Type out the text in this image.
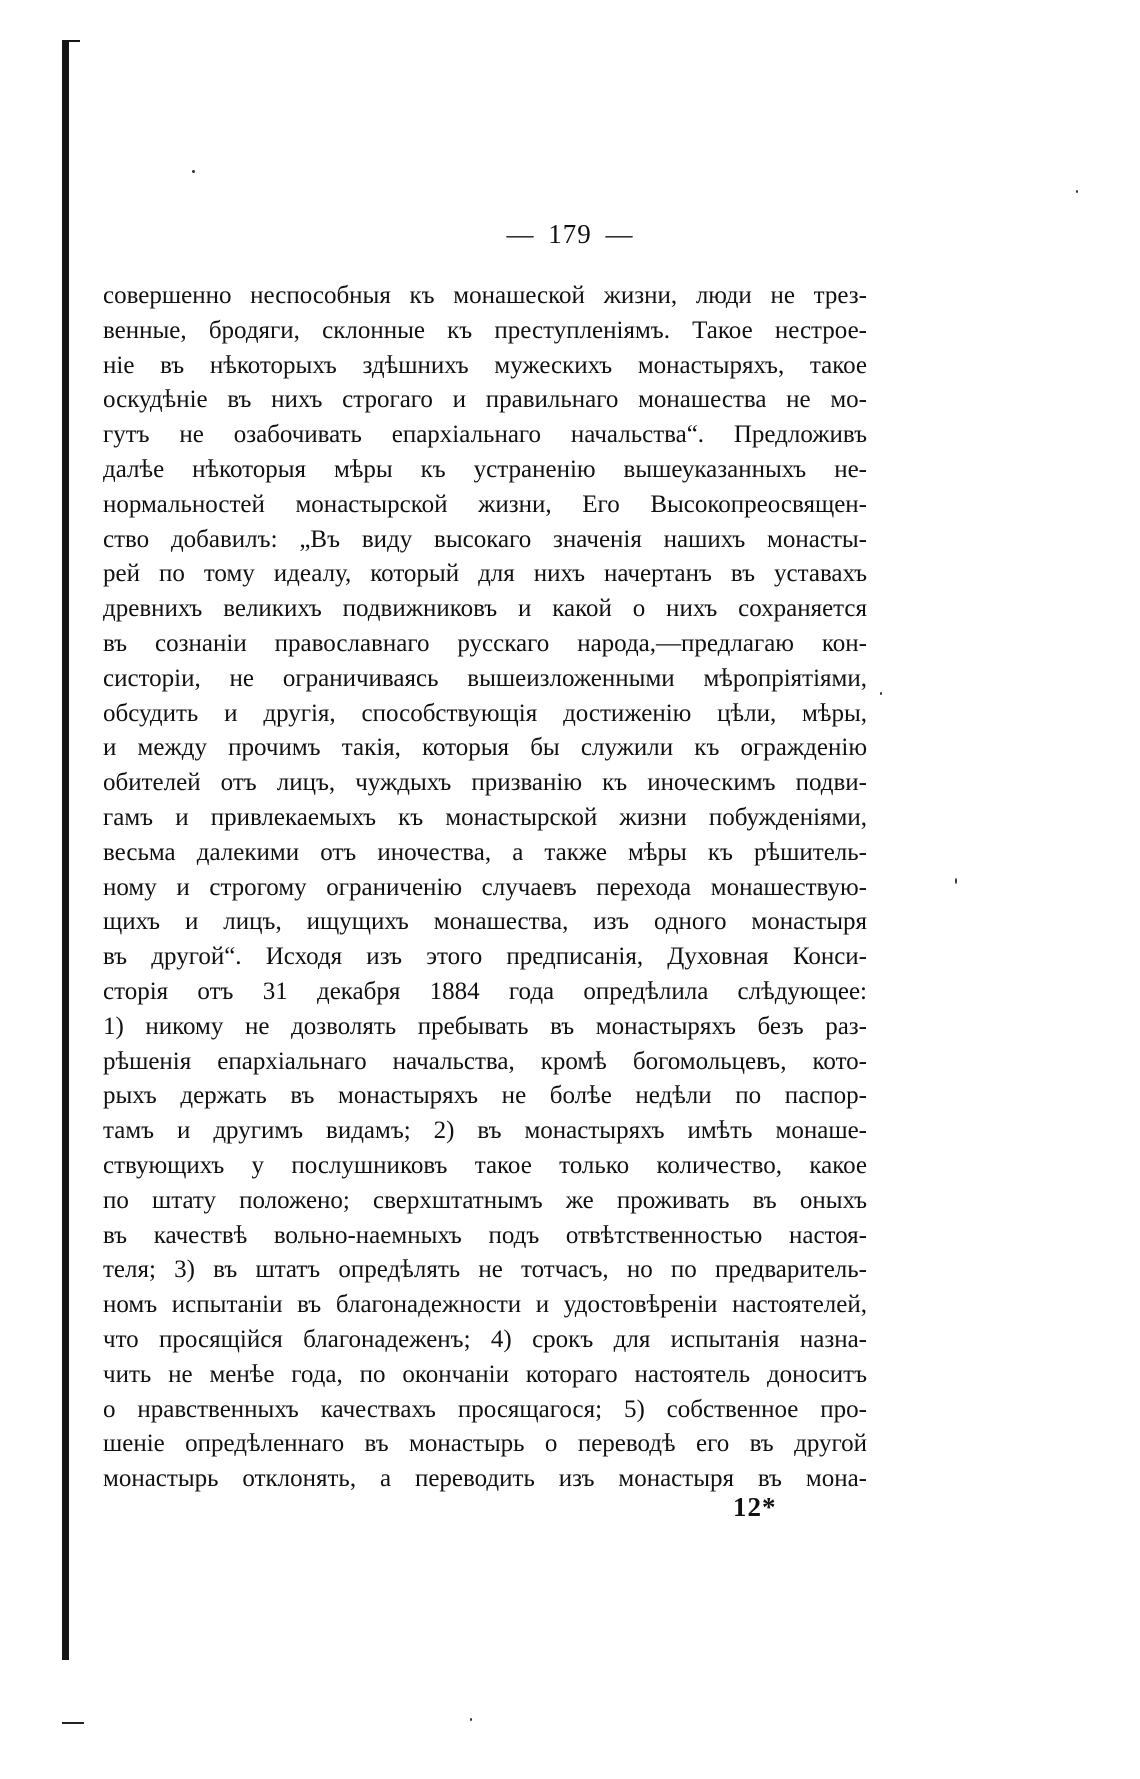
— 179 —
совершенно неспособныя къ монашеской жизни, люди не трез-
венные, бродяги, склонные къ преступленіямъ. Такое нестрое-
ніе въ нѣкоторыхъ здѣшнихъ мужескихъ монастыряхъ, такое
оскудѣніе въ нихъ строгаго и правильнаго монашества не мо-
гутъ не озабочивать епархіальнаго начальства“. Предложивъ
далѣе нѣкоторыя мѣры къ устраненію вышеуказанныхъ не-
нормальностей монастырской жизни, Его Высокопреосвящен-
ство добавилъ: „Въ виду высокаго значенія нашихъ монасты-
рей по тому идеалу, который для нихъ начертанъ въ уставахъ
древнихъ великихъ подвижниковъ и какой о нихъ сохраняется
въ сознаніи православнаго русскаго народа,—предлагаю кон-
систоріи, не ограничиваясь вышеизложенными мѣропріятіями,
обсудить и другія, способствующія достиженію цѣли, мѣры,
и между прочимъ такія, которыя бы служили къ огражденію
обителей отъ лицъ, чуждыхъ призванію къ иноческимъ подви-
гамъ и привлекаемыхъ къ монастырской жизни побужденіями,
весьма далекими отъ иночества, а также мѣры къ рѣшитель-
ному и строгому ограниченію случаевъ перехода монашествую-
щихъ и лицъ, ищущихъ монашества, изъ одного монастыря
въ другой“. Исходя изъ этого предписанія, Духовная Конси-
сторія отъ 31 декабря 1884 года опредѣлила слѣдующее:
1) никому не дозволять пребывать въ монастыряхъ безъ раз-
рѣшенія епархіальнаго начальства, кромѣ богомольцевъ, кото-
рыхъ держать въ монастыряхъ не болѣе недѣли по паспор-
тамъ и другимъ видамъ; 2) въ монастыряхъ имѣть монаше-
ствующихъ у послушниковъ такое только количество, какое
по штату положено; сверхштатнымъ же проживать въ оныхъ
въ качествѣ вольно-наемныхъ подъ отвѣтственностью настоя-
теля; 3) въ штатъ опредѣлять не тотчасъ, но по предваритель-
номъ испытаніи въ благонадежности и удостовѣреніи настоятелей,
что просящійся благонадеженъ; 4) срокъ для испытанія назна-
чить не менѣе года, по окончаніи котораго настоятель доноситъ
о нравственныхъ качествахъ просящагося; 5) собственное про-
шеніе опредѣленнаго въ монастырь о переводѣ его въ другой
монастырь отклонять, а переводить изъ монастыря въ мона-
12*
